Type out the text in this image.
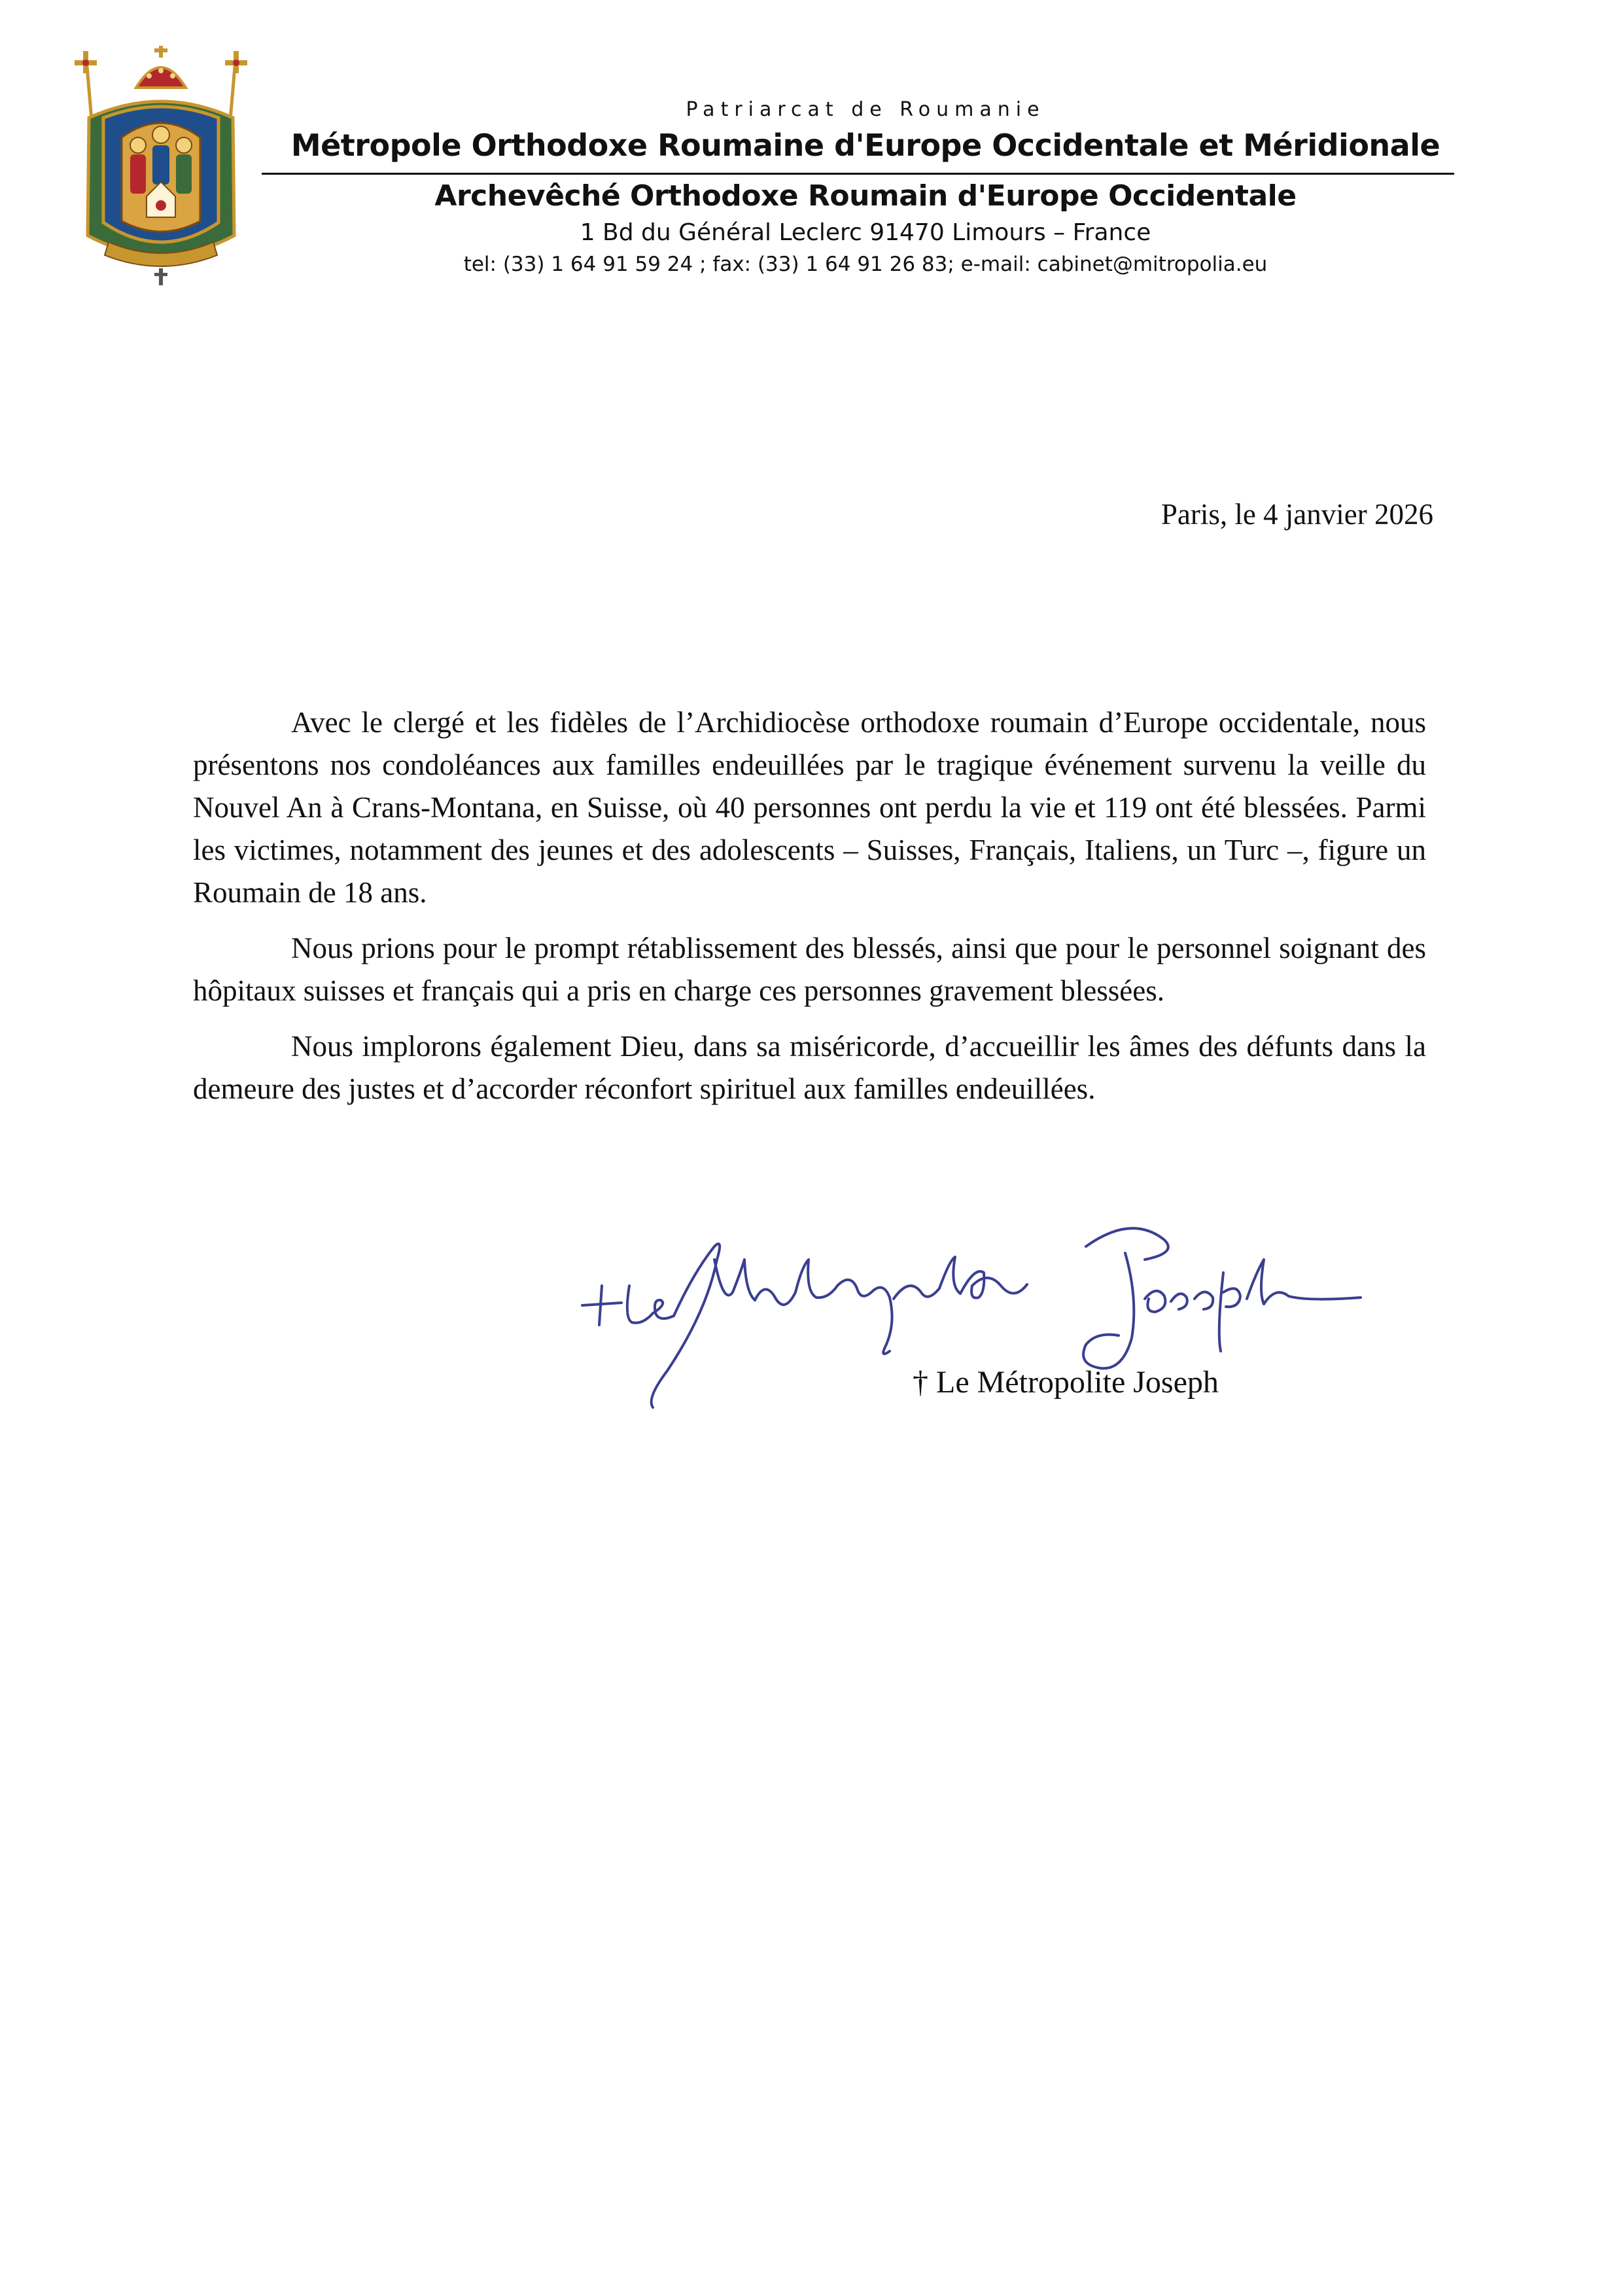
Patriarcat de Roumanie
Métropole Orthodoxe Roumaine d'Europe Occidentale et Méridionale
Archevêché Orthodoxe Roumain d'Europe Occidentale
1 Bd du Général Leclerc 91470 Limours – France
tel: (33) 1 64 91 59 24 ; fax: (33) 1 64 91 26 83; e-mail: cabinet@mitropolia.eu
Paris, le 4 janvier 2026

Avec le clergé et les fidèles de l’Archidiocèse orthodoxe roumain d’Europe occidentale, nous présentons nos condoléances aux familles endeuillées par le tragique événement survenu la veille du Nouvel An à Crans-Montana, en Suisse, où 40 personnes ont perdu la vie et 119 ont été blessées. Parmi les victimes, notamment des jeunes et des adolescents – Suisses, Français, Italiens, un Turc –, figure un Roumain de 18 ans.

Nous prions pour le prompt rétablissement des blessés, ainsi que pour le personnel soignant des hôpitaux suisses et français qui a pris en charge ces personnes gravement blessées.

Nous implorons également Dieu, dans sa miséricorde, d’accueillir les âmes des défunts dans la demeure des justes et d’accorder réconfort spirituel aux familles endeuillées.

† Le Métropolite Joseph
